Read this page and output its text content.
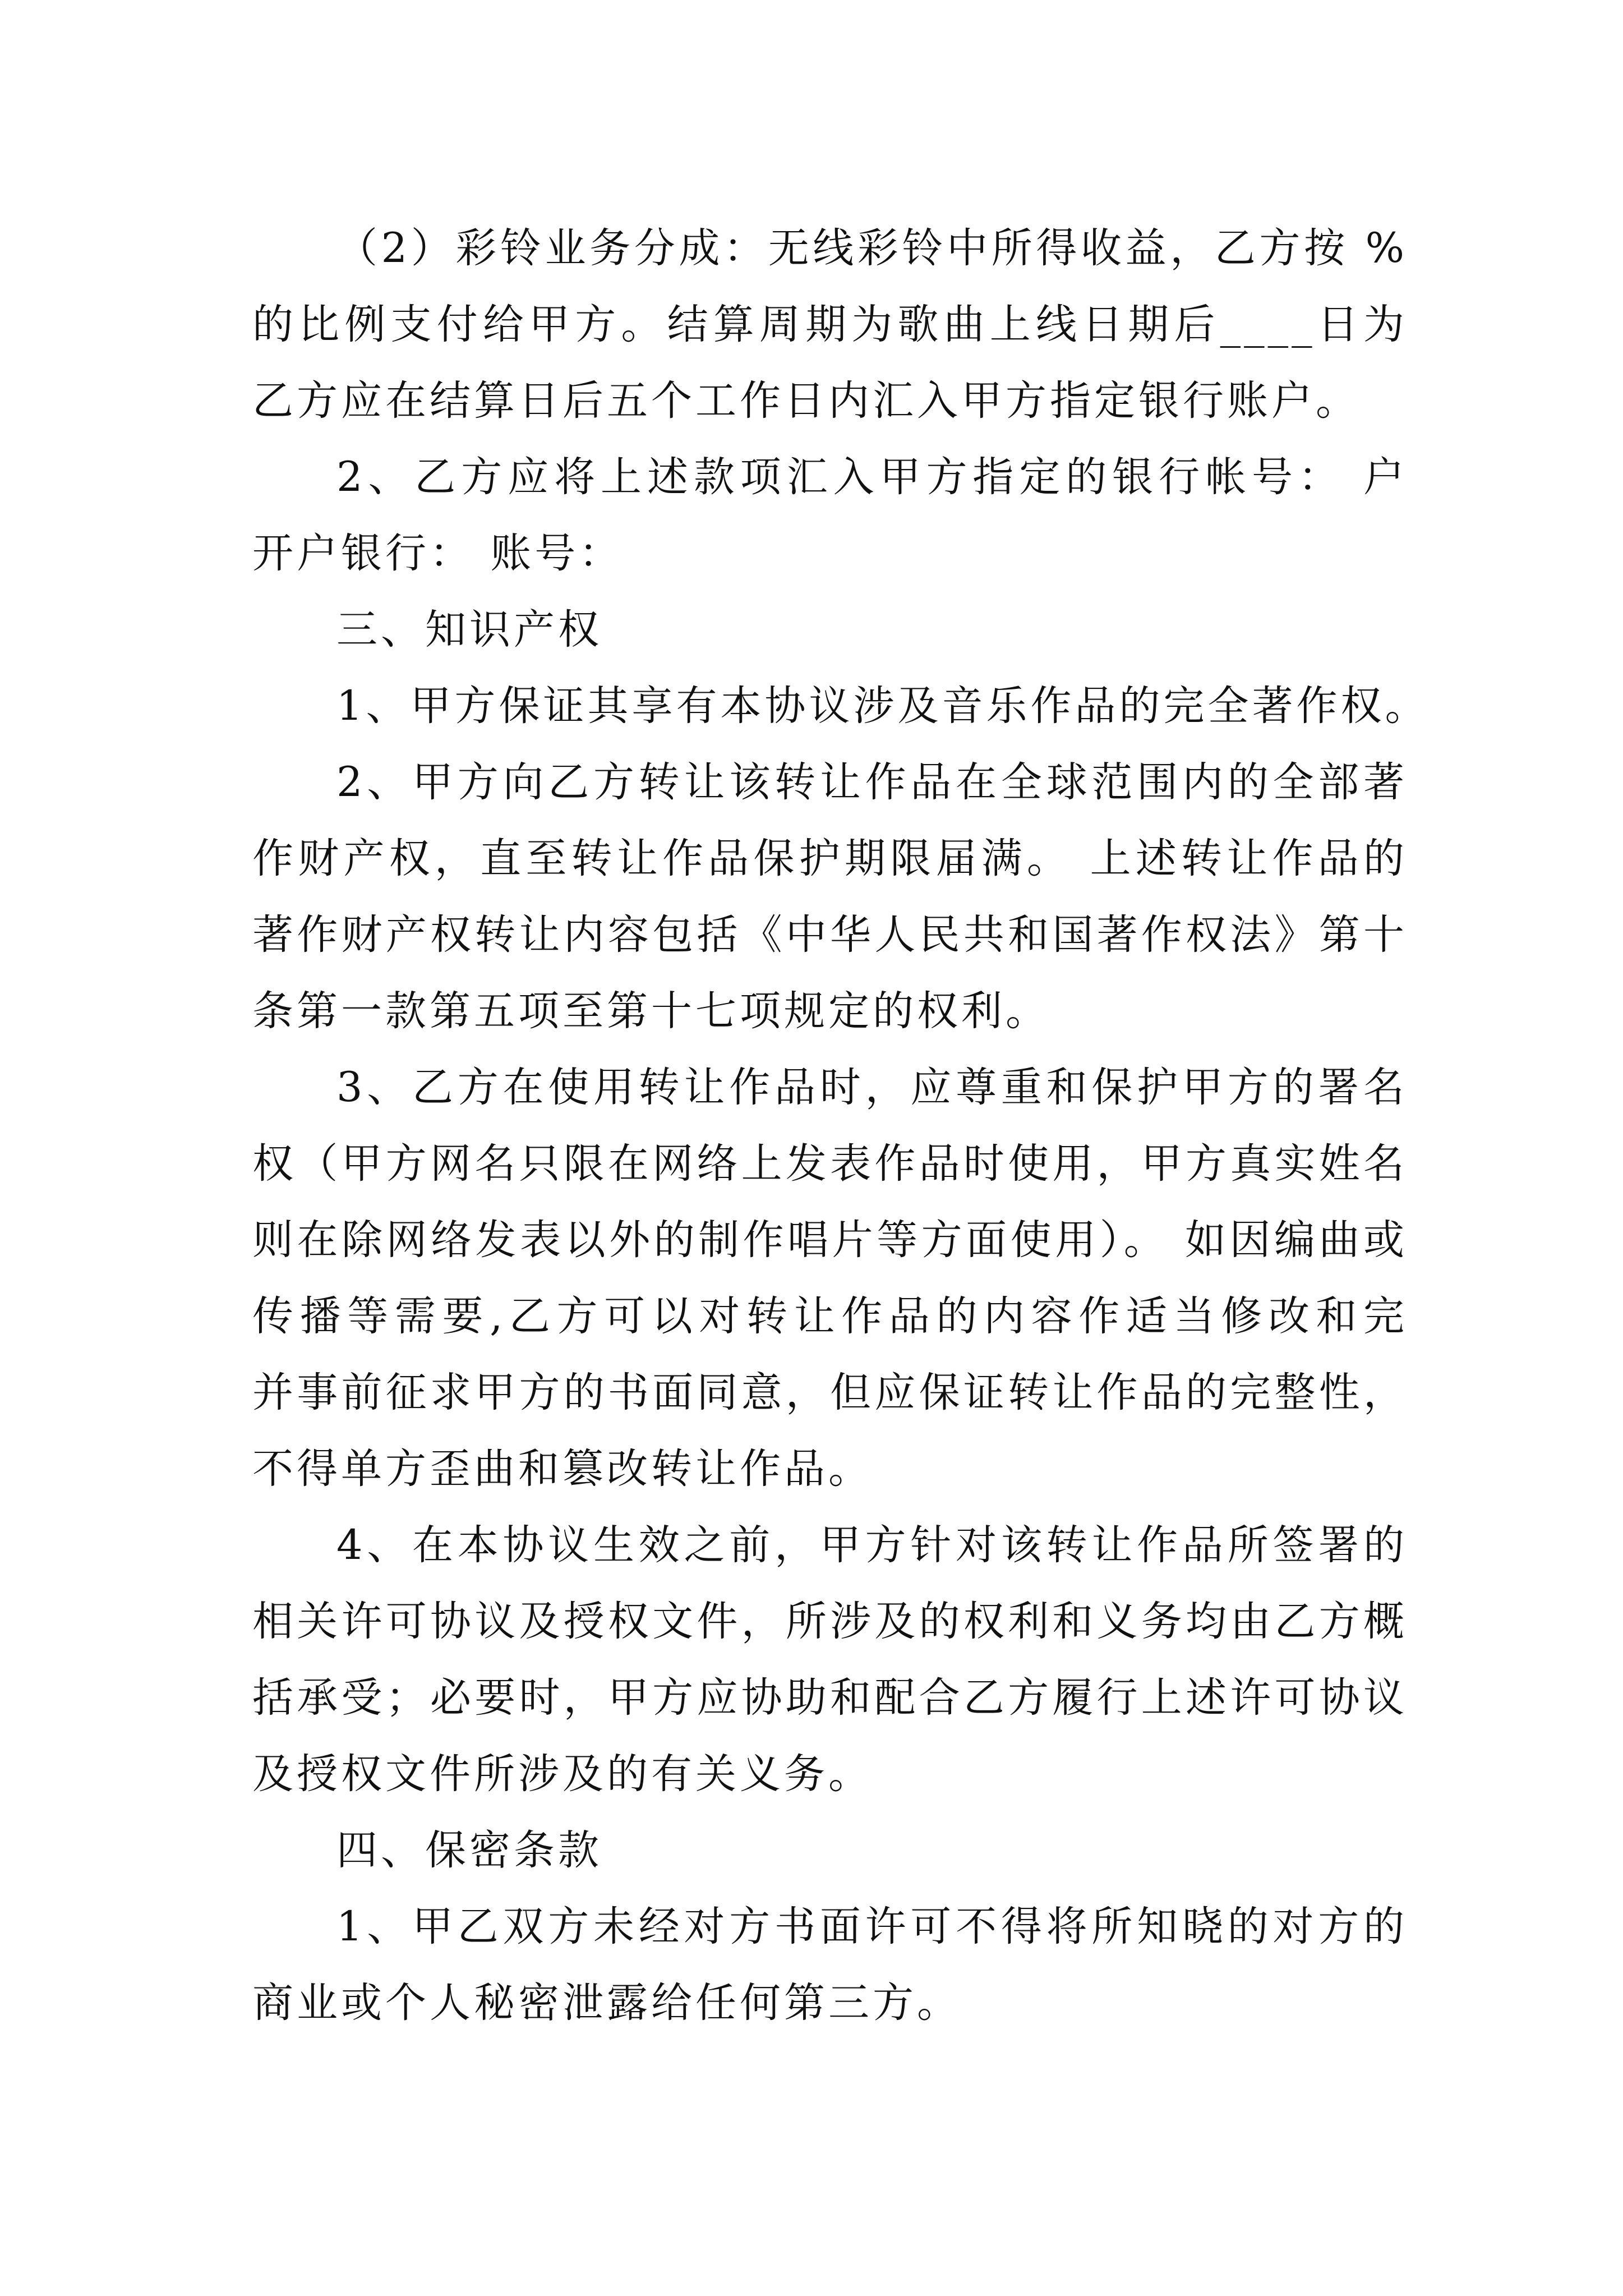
（2）彩铃业务分成：无线彩铃中所得收益，乙方按 %
的比例支付给甲方。结算周期为歌曲上线日期后____日为
乙方应在结算日后五个工作日内汇入甲方指定银行账户。
2、乙方应将上述款项汇入甲方指定的银行帐号： 户
开户银行： 账号：
三、知识产权
1、甲方保证其享有本协议涉及音乐作品的完全著作权。
2、甲方向乙方转让该转让作品在全球范围内的全部著
作财产权，直至转让作品保护期限届满。 上述转让作品的
著作财产权转让内容包括《中华人民共和国著作权法》第十
条第一款第五项至第十七项规定的权利。
3、乙方在使用转让作品时，应尊重和保护甲方的署名
权（甲方网名只限在网络上发表作品时使用，甲方真实姓名
则在除网络发表以外的制作唱片等方面使用）。 如因编曲或
传播等需要,乙方可以对转让作品的内容作适当修改和完
并事前征求甲方的书面同意，但应保证转让作品的完整性，
不得单方歪曲和篡改转让作品。
4、在本协议生效之前，甲方针对该转让作品所签署的
相关许可协议及授权文件，所涉及的权利和义务均由乙方概
括承受；必要时，甲方应协助和配合乙方履行上述许可协议
及授权文件所涉及的有关义务。
四、保密条款
1、甲乙双方未经对方书面许可不得将所知晓的对方的
商业或个人秘密泄露给任何第三方。
